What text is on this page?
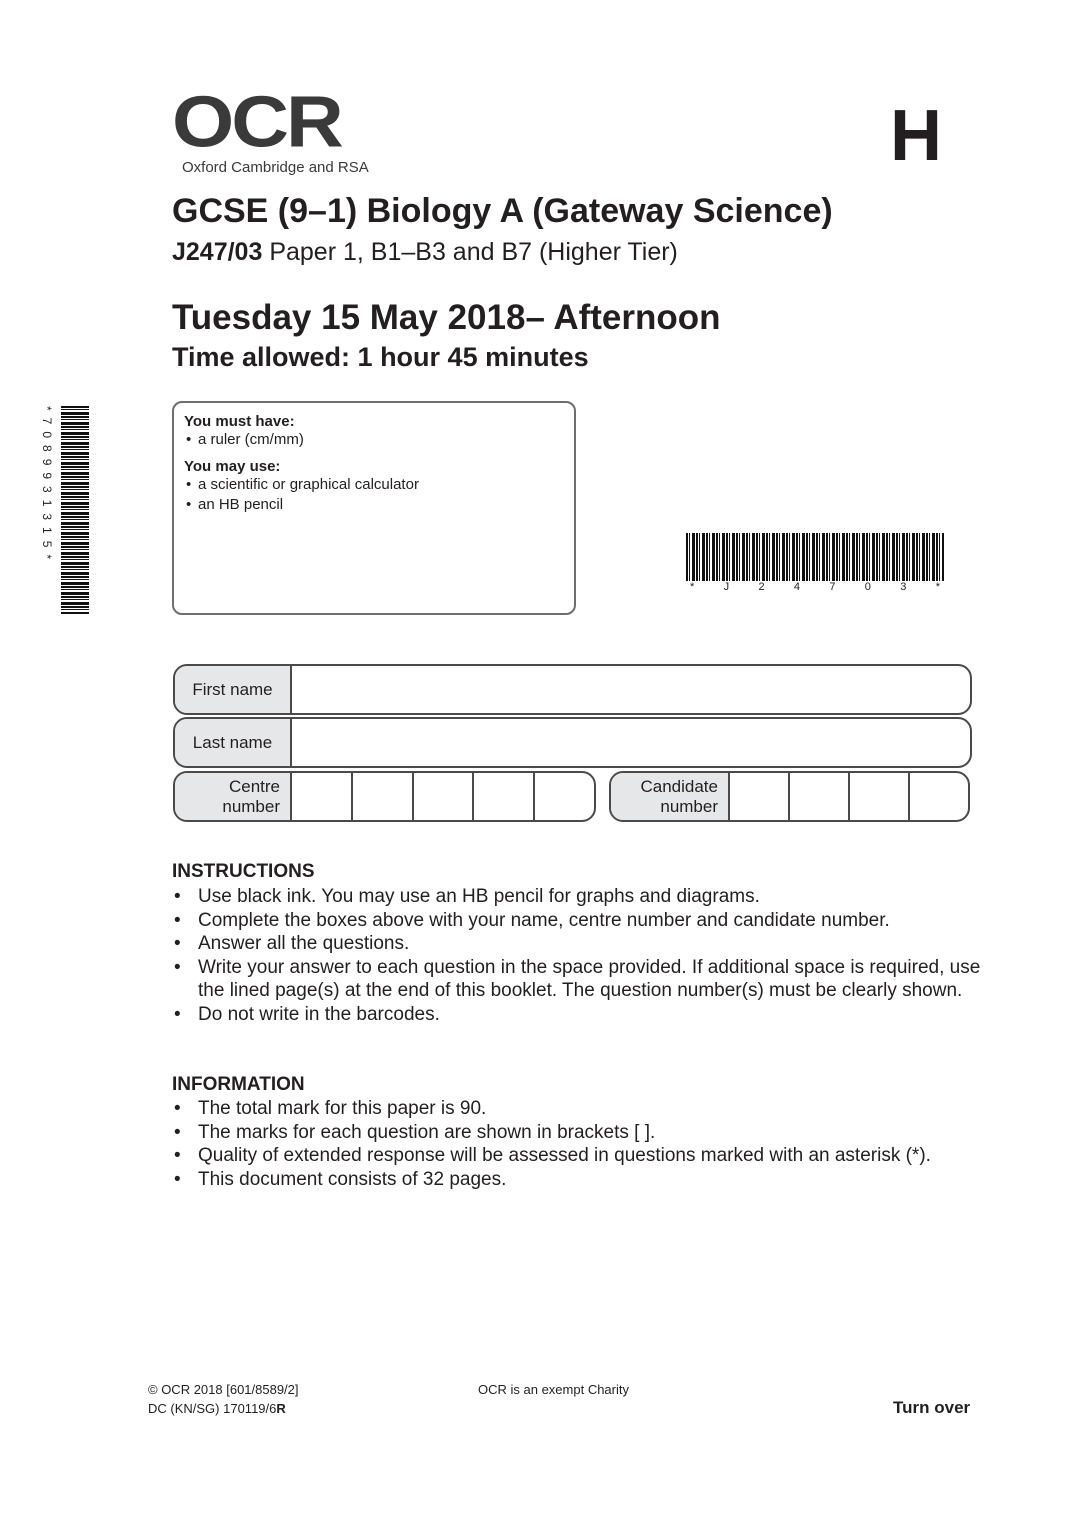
OCR
Oxford Cambridge and RSA	H
GCSE (9–1) Biology A (Gateway Science)
J247/03 Paper 1, B1–B3 and B7 (Higher Tier)
Tuesday 15 May 2018– Afternoon
Time allowed: 1 hour 45 minutes
You must have:
• a ruler (cm/mm)
You may use:
• a scientific or graphical calculator
• an HB pencil
*7089931315*
*	J	2	4	7	0	3	*
First name
Last name
Centre
number
Candidate
number
INSTRUCTIONS
• Use black ink. You may use an HB pencil for graphs and diagrams.
• Complete the boxes above with your name, centre number and candidate number.
• Answer all the questions.
• Write your answer to each question in the space provided. If additional space is required, use the lined page(s) at the end of this booklet. The question number(s) must be clearly shown.
• Do not write in the barcodes.
INFORMATION
• The total mark for this paper is 90.
• The marks for each question are shown in brackets [ ].
• Quality of extended response will be assessed in questions marked with an asterisk (*).
• This document consists of 32 pages.
© OCR 2018 [601/8589/2]
DC (KN/SG) 170119/6R
OCR is an exempt Charity
Turn over
